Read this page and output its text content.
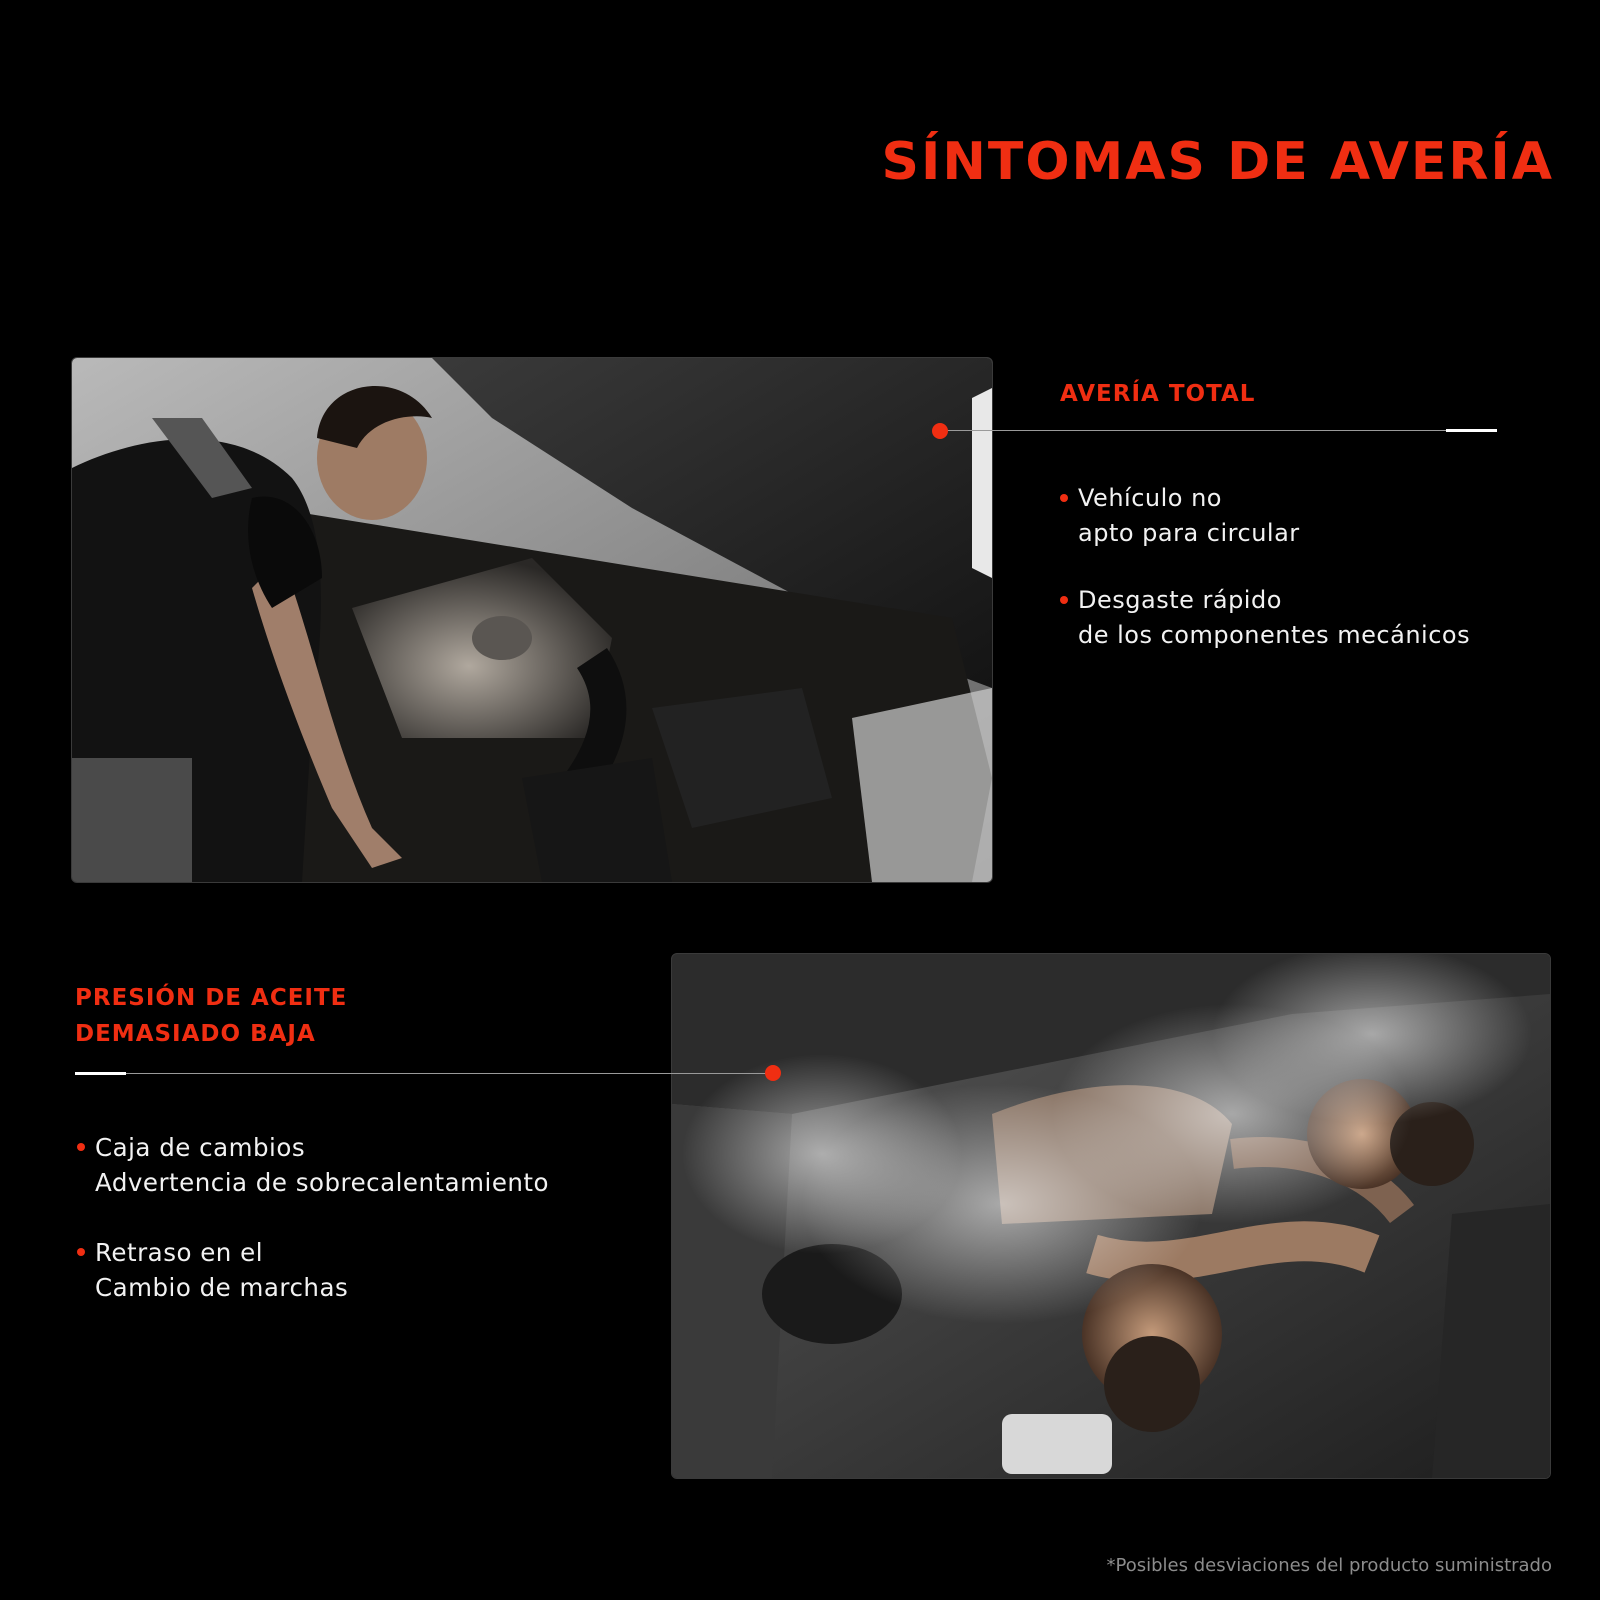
SÍNTOMAS DE AVERÍA
AVERÍA TOTAL
Vehículo no
apto para circular
Desgaste rápido
de los componentes mecánicos
PRESIÓN DE ACEITE
DEMASIADO BAJA
Caja de cambios
Advertencia de sobrecalentamiento
Retraso en el
Cambio de marchas

*Posibles desviaciones del producto suministrado
